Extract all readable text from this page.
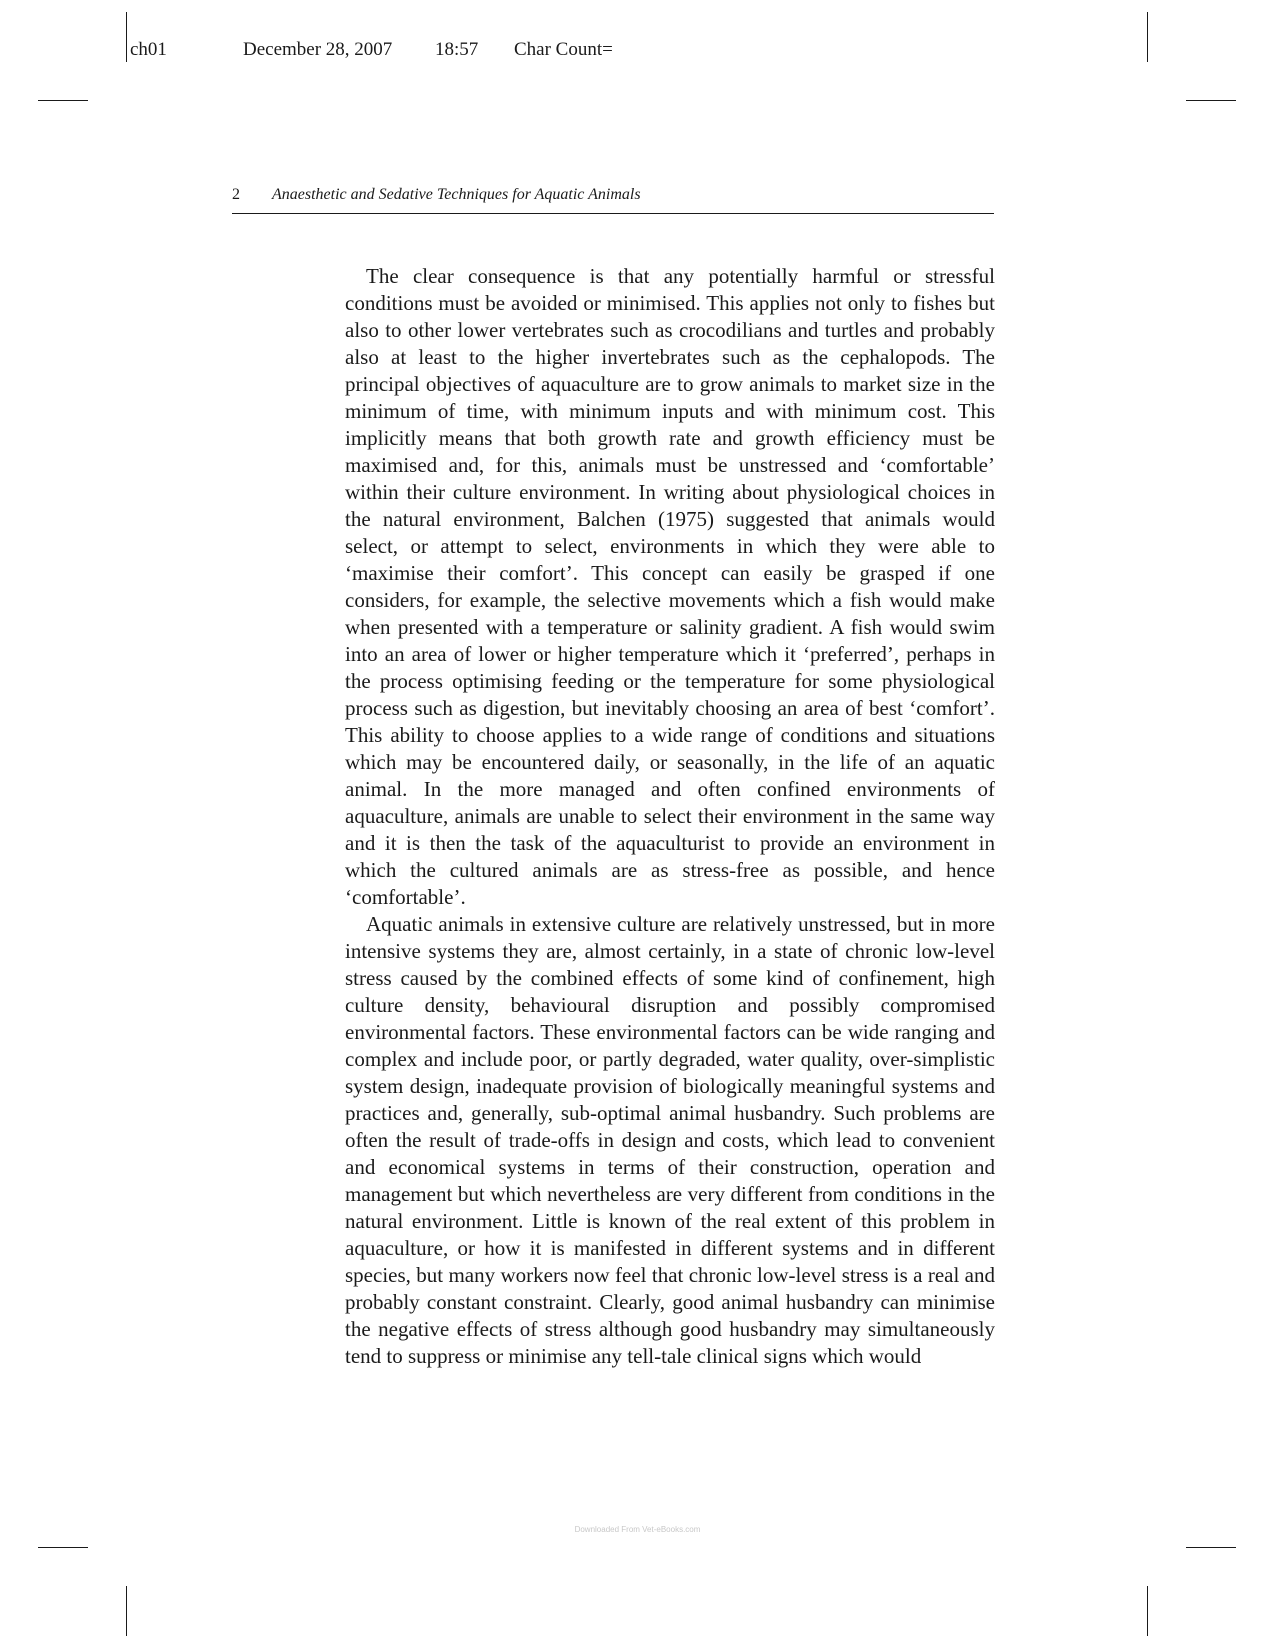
ch01	December 28, 2007 18:57 Char Count=
2 Anaesthetic and Sedative Techniques for Aquatic Animals

The clear consequence is that any potentially harmful or stressful conditions must be avoided or minimised. This applies not only to fishes but also to other lower vertebrates such as crocodilians and turtles and probably also at least to the higher invertebrates such as the cephalopods. The principal objectives of aquaculture are to grow animals to market size in the minimum of time, with minimum inputs and with minimum cost. This implicitly means that both growth rate and growth efficiency must be maximised and, for this, animals must be unstressed and ‘comfortable’ within their culture environment. In writing about physiological choices in the natural environment, Balchen (1975) suggested that animals would select, or attempt to select, environments in which they were able to ‘maximise their comfort’. This concept can easily be grasped if one considers, for example, the selective movements which a fish would make when presented with a temperature or salinity gradient. A fish would swim into an area of lower or higher temperature which it ‘preferred’, perhaps in the process optimising feeding or the temperature for some physiological process such as digestion, but inevitably choosing an area of best ‘comfort’. This ability to choose applies to a wide range of conditions and situations which may be encountered daily, or seasonally, in the life of an aquatic animal. In the more managed and often confined environments of aquaculture, animals are unable to select their environment in the same way and it is then the task of the aquaculturist to provide an environment in which the cultured animals are as stress-free as possible, and hence ‘comfortable’.

Aquatic animals in extensive culture are relatively unstressed, but in more intensive systems they are, almost certainly, in a state of chronic low-level stress caused by the combined effects of some kind of confinement, high culture density, behavioural disruption and possibly compromised environmental factors. These environmental factors can be wide ranging and complex and include poor, or partly degraded, water quality, over-simplistic system design, inadequate provision of biologically meaningful systems and practices and, generally, sub-optimal animal husbandry. Such problems are often the result of trade-offs in design and costs, which lead to convenient and economical systems in terms of their construction, operation and management but which nevertheless are very different from conditions in the natural environment. Little is known of the real extent of this problem in aquaculture, or how it is manifested in different systems and in different species, but many workers now feel that chronic low-level stress is a real and probably constant constraint. Clearly, good animal husbandry can minimise the negative effects of stress although good husbandry may simultaneously tend to suppress or minimise any tell-tale clinical signs which would

Downloaded From Vet-eBooks.com
